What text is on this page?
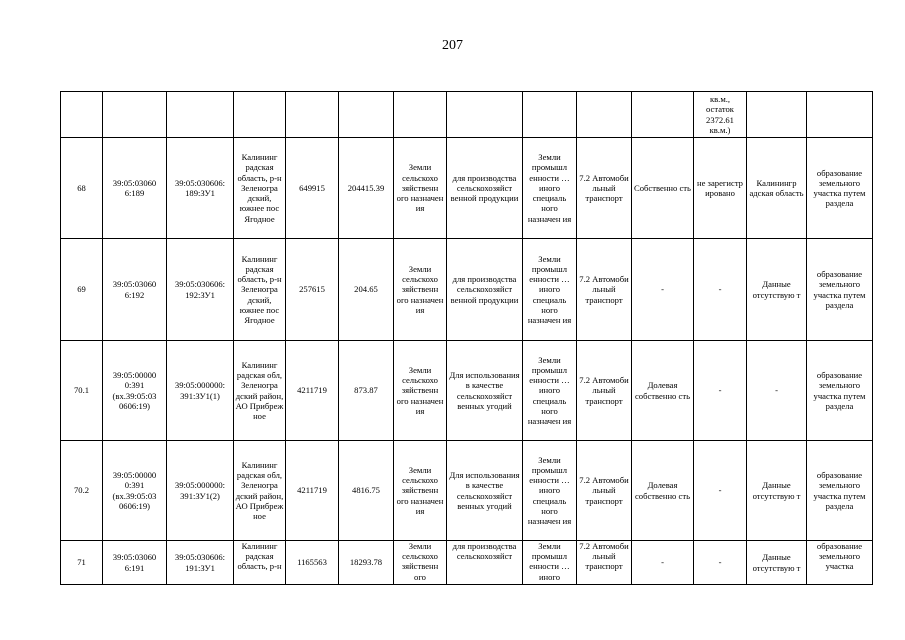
207
											кв.м., остаток 2372.61 кв.м.)		
68	39:05:03060 6:189	39:05:030606: 189:ЗУ1	Калининг радская область, р-н Зеленогра дский, южнее пос Ягодное	649915	204415.39	Земли сельскохо зяйственн ого назначен ия	для производства сельскохозяйст венной продукции	Земли промышл енности …иного специаль ного назначен ия	7.2 Автомоби льный транспорт	Собственно сть	не зарегистр ировано	Калинингр адская область	образование земельного участка путем раздела
69	39:05:03060 6:192	39:05:030606: 192:ЗУ1	Калининг радская область, р-н Зеленогра дский, южнее пос Ягодное	257615	204.65	Земли сельскохо зяйственн ого назначен ия	для производства сельскохозяйст венной продукции	Земли промышл енности …иного специаль ного назначен ия	7.2 Автомоби льный транспорт	-	-	Данные отсутствую т	образование земельного участка путем раздела
70.1	39:05:00000 0:391 (вх.39:05:03 0606:19)	39:05:000000: 391:ЗУ1(1)	Калининг радская обл, Зеленогра дский район, АО Прибреж ное	4211719	873.87	Земли сельскохо зяйственн ого назначен ия	Для использования в качестве сельскохозяйст венных угодий	Земли промышл енности …иного специаль ного назначен ия	7.2 Автомоби льный транспорт	Долевая собственно сть	-	-	образование земельного участка путем раздела
70.2	39:05:00000 0:391 (вх.39:05:03 0606:19)	39:05:000000: 391:ЗУ1(2)	Калининг радская обл, Зеленогра дский район, АО Прибреж ное	4211719	4816.75	Земли сельскохо зяйственн ого назначен ия	Для использования в качестве сельскохозяйст венных угодий	Земли промышл енности …иного специаль ного назначен ия	7.2 Автомоби льный транспорт	Долевая собственно сть	-	Данные отсутствую т	образование земельного участка путем раздела
71	39:05:03060 6:191	39:05:030606: 191:ЗУ1	Калининг радская область, р-н	1165563	18293.78	Земли сельскохо зяйственн ого	для производства сельскохозяйст	Земли промышл енности …иного	7.2 Автомоби льный транспорт	-	-	Данные отсутствую т	образование земельного участка
